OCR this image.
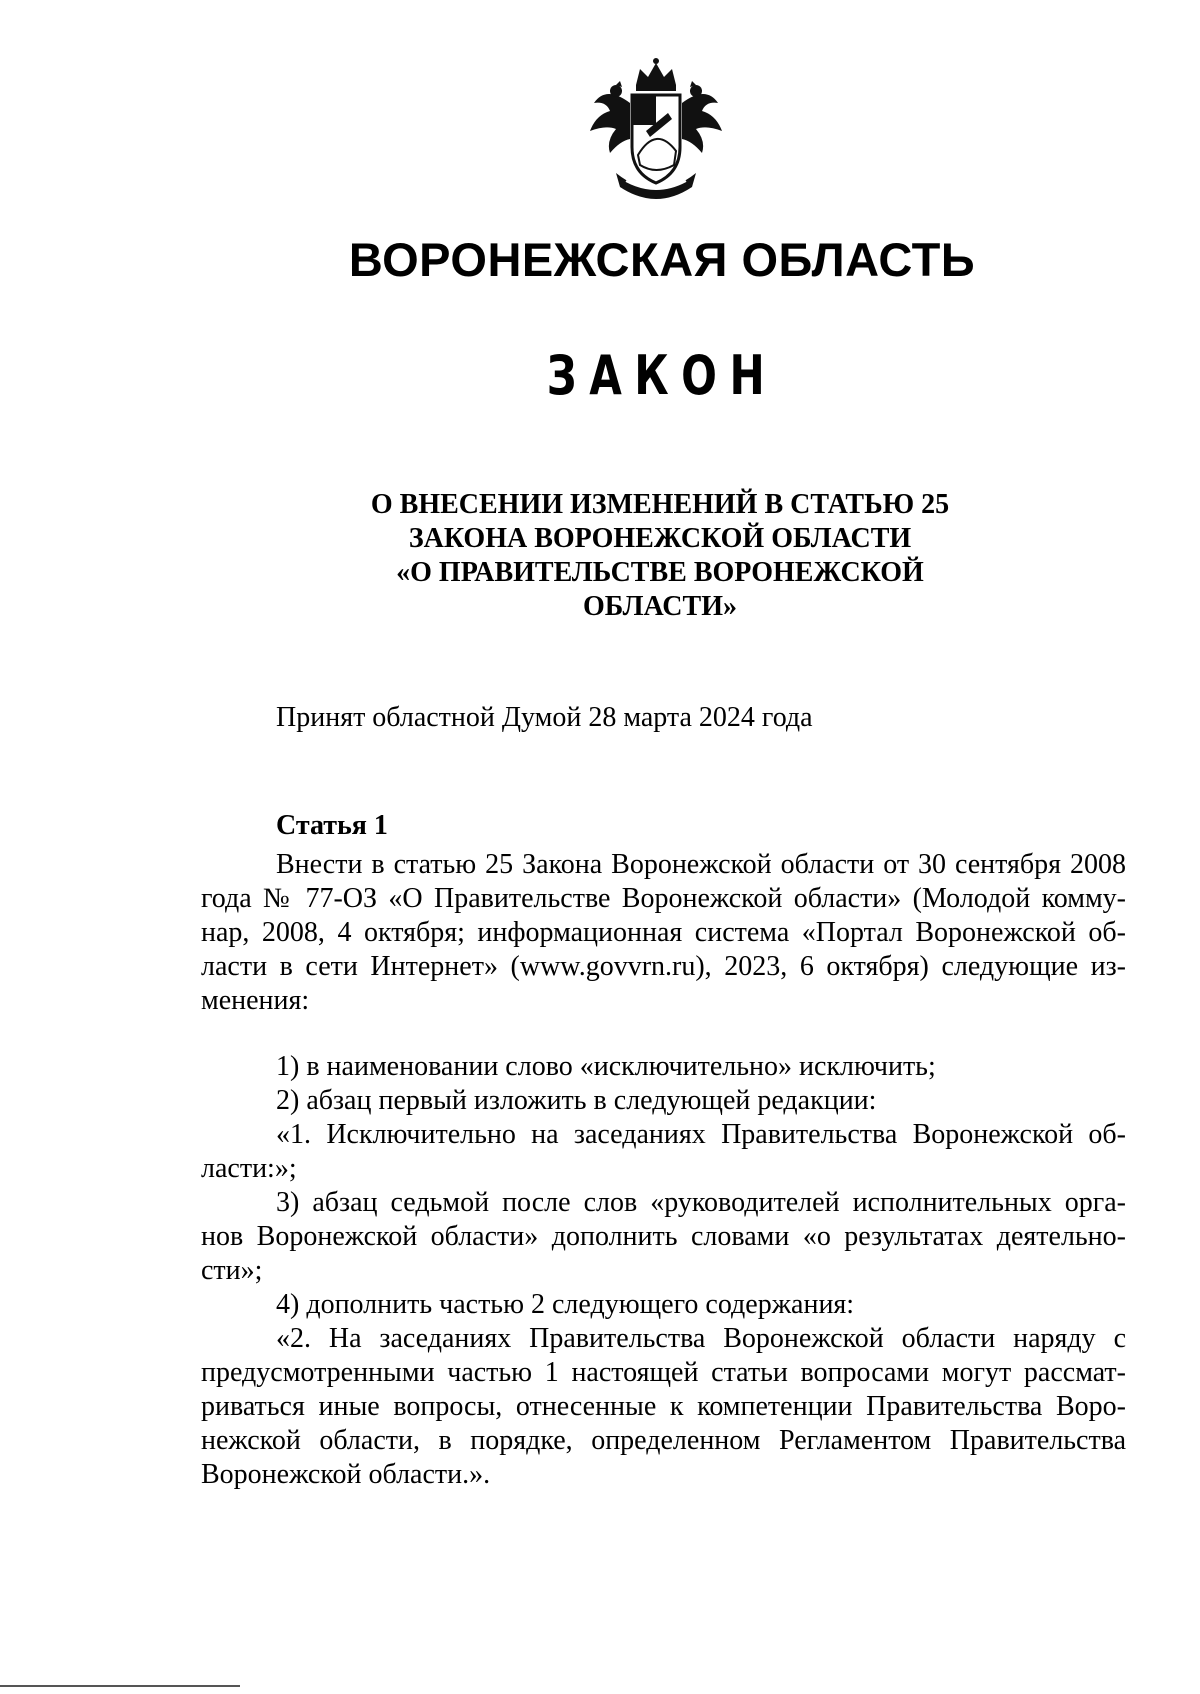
ВОРОНЕЖСКАЯ ОБЛАСТЬ
ЗАКОН
О ВНЕСЕНИИ ИЗМЕНЕНИЙ В СТАТЬЮ 25
ЗАКОНА ВОРОНЕЖСКОЙ ОБЛАСТИ
«О ПРАВИТЕЛЬСТВЕ ВОРОНЕЖСКОЙ
ОБЛАСТИ»
Принят областной Думой 28 марта 2024 года
Статья 1
Внести в статью 25 Закона Воронежской области от 30 сентября 2008
года № 77-ОЗ «О Правительстве Воронежской области» (Молодой комму-
нар, 2008, 4 октября; информационная система «Портал Воронежской об-
ласти в сети Интернет» (www.govvrn.ru), 2023, 6 октября) следующие из-
менения:
1) в наименовании слово «исключительно» исключить;
2) абзац первый изложить в следующей редакции:
«1. Исключительно на заседаниях Правительства Воронежской об-
ласти:»;
3) абзац седьмой после слов «руководителей исполнительных орга-
нов Воронежской области» дополнить словами «о результатах деятельно-
сти»;
4) дополнить частью 2 следующего содержания:
«2. На заседаниях Правительства Воронежской области наряду с
предусмотренными частью 1 настоящей статьи вопросами могут рассмат-
риваться иные вопросы, отнесенные к компетенции Правительства Воро-
нежской области, в порядке, определенном Регламентом Правительства
Воронежской области.».
